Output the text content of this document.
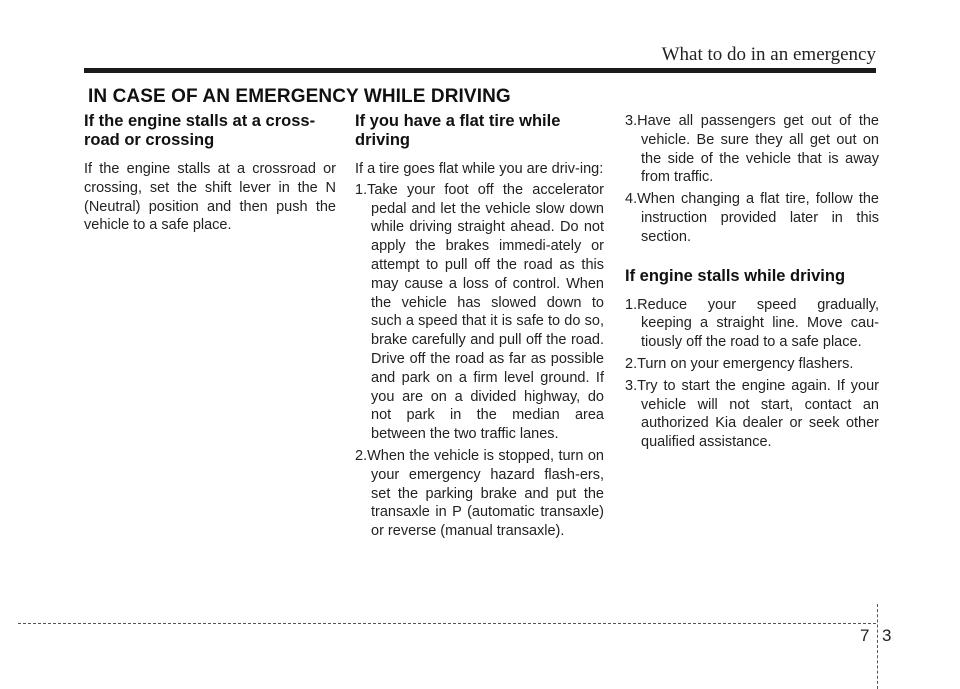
What to do in an emergency
IN CASE OF AN EMERGENCY WHILE DRIVING
If the engine stalls at a cross-road or crossing

If the engine stalls at a crossroad or crossing, set the shift lever in the N (Neutral) position and then push the vehicle to a safe place.

If you have a flat tire while driving

If a tire goes flat while you are driv-ing:

1.Take your foot off the accelerator pedal and let the vehicle slow down while driving straight ahead. Do not apply the brakes immedi-ately or attempt to pull off the road as this may cause a loss of control. When the vehicle has slowed down to such a speed that it is safe to do so, brake carefully and pull off the road. Drive off the road as far as possible and park on a firm level ground. If you are on a divided highway, do not park in the median area between the two traffic lanes.
2.When the vehicle is stopped, turn on your emergency hazard flash-ers, set the parking brake and put the transaxle in P (automatic transaxle) or reverse (manual transaxle).
3.Have all passengers get out of the vehicle. Be sure they all get out on the side of the vehicle that is away from traffic.
4.When changing a flat tire, follow the instruction provided later in this section.
If engine stalls while driving
1.Reduce your speed gradually, keeping a straight line. Move cau-tiously off the road to a safe place.
2.Turn on your emergency flashers.
3.Try to start the engine again. If your vehicle will not start, contact an authorized Kia dealer or seek other qualified assistance.
7 3
